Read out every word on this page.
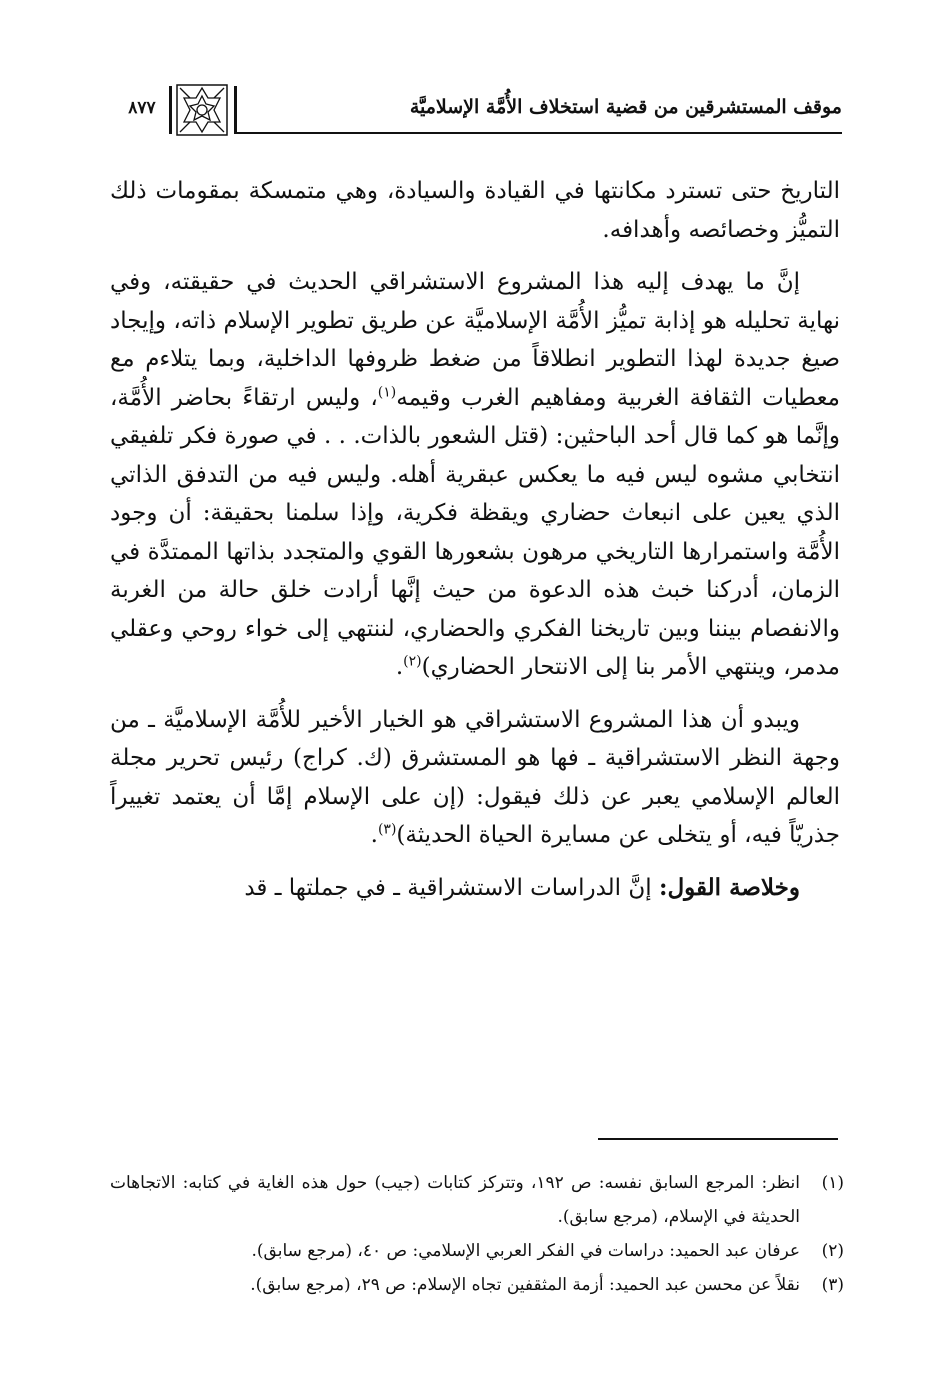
٨٧٧	موقف المستشرقين من قضية استخلاف الأُمَّة الإسلاميَّة

التاريخ حتى تسترد مكانتها في القيادة والسيادة، وهي متمسكة بمقومات ذلك التميُّز وخصائصه وأهدافه.

إنَّ ما يهدف إليه هذا المشروع الاستشراقي الحديث في حقيقته، وفي نهاية تحليله هو إذابة تميُّز الأُمَّة الإسلاميَّة عن طريق تطوير الإسلام ذاته، وإيجاد صيغ جديدة لهذا التطوير انطلاقاً من ضغط ظروفها الداخلية، وبما يتلاءم مع معطيات الثقافة الغربية ومفاهيم الغرب وقيمه$^{(١)}$، وليس ارتقاءً بحاضر الأُمَّة، وإنَّما هو كما قال أحد الباحثين: (قتل الشعور بالذات. . . في صورة فكر تلفيقي انتخابي مشوه ليس فيه ما يعكس عبقرية أهله. وليس فيه من التدفق الذاتي الذي يعين على انبعاث حضاري ويقظة فكرية، وإذا سلمنا بحقيقة: أن وجود الأُمَّة واستمرارها التاريخي مرهون بشعورها القوي والمتجدد بذاتها الممتدَّة في الزمان، أدركنا خبث هذه الدعوة من حيث إنَّها أرادت خلق حالة من الغربة والانفصام بيننا وبين تاريخنا الفكري والحضاري، لننتهي إلى خواء روحي وعقلي مدمر، وينتهي الأمر بنا إلى الانتحار الحضاري)$^{(٢)}$.

ويبدو أن هذا المشروع الاستشراقي هو الخيار الأخير للأُمَّة الإسلاميَّة ـ من وجهة النظر الاستشراقية ـ فها هو المستشرق (ك. كراج) رئيس تحرير مجلة العالم الإسلامي يعبر عن ذلك فيقول: (إن على الإسلام إمَّا أن يعتمد تغييراً جذريّاً فيه، أو يتخلى عن مسايرة الحياة الحديثة)$^{(٣)}$.

وخلاصة القول: إنَّ الدراسات الاستشراقية ـ في جملتها ـ قد

(١)
انظر: المرجع السابق نفسه: ص ١٩٢، وتتركز كتابات (جيب) حول هذه الغاية في كتابه: الاتجاهات الحديثة في الإسلام، (مرجع سابق).
(٢)
عرفان عبد الحميد: دراسات في الفكر العربي الإسلامي: ص ٤٠، (مرجع سابق).
(٣)
نقلاً عن محسن عبد الحميد: أزمة المثقفين تجاه الإسلام: ص ٢٩، (مرجع سابق).
